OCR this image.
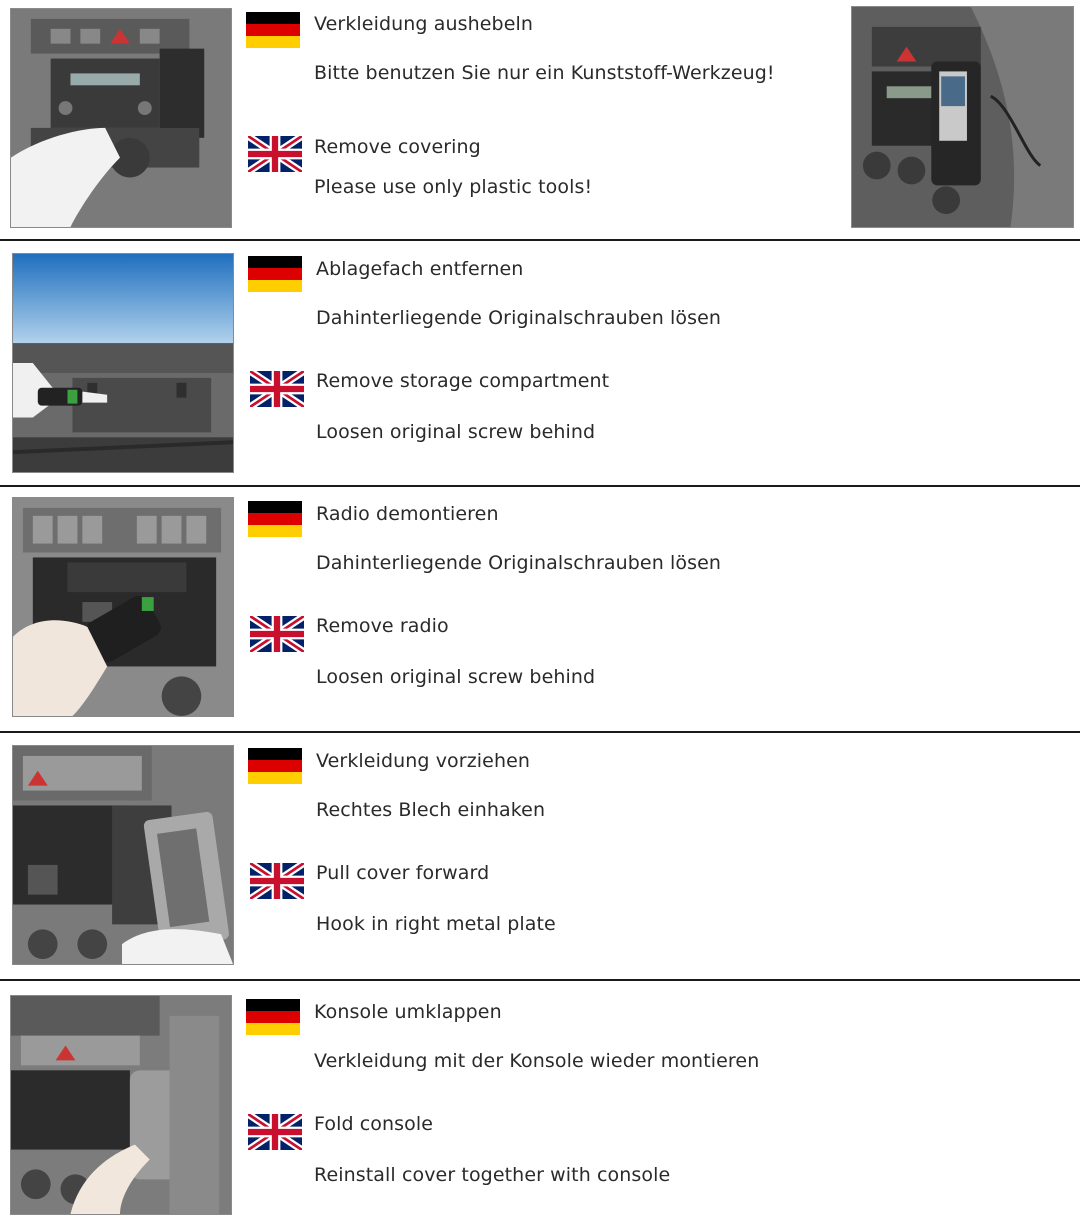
Verkleidung aushebeln
Bitte benutzen Sie nur ein Kunststoff-Werkzeug!
Remove covering
Please use only plastic tools!
Ablagefach entfernen
Dahinterliegende Originalschrauben lösen
Remove storage compartment
Loosen original screw behind
Radio demontieren
Dahinterliegende Originalschrauben lösen
Remove radio
Loosen original screw behind
Verkleidung vorziehen
Rechtes Blech einhaken
Pull cover forward
Hook in right metal plate
Konsole umklappen
Verkleidung mit der Konsole wieder montieren
Fold console
Reinstall cover together with console
